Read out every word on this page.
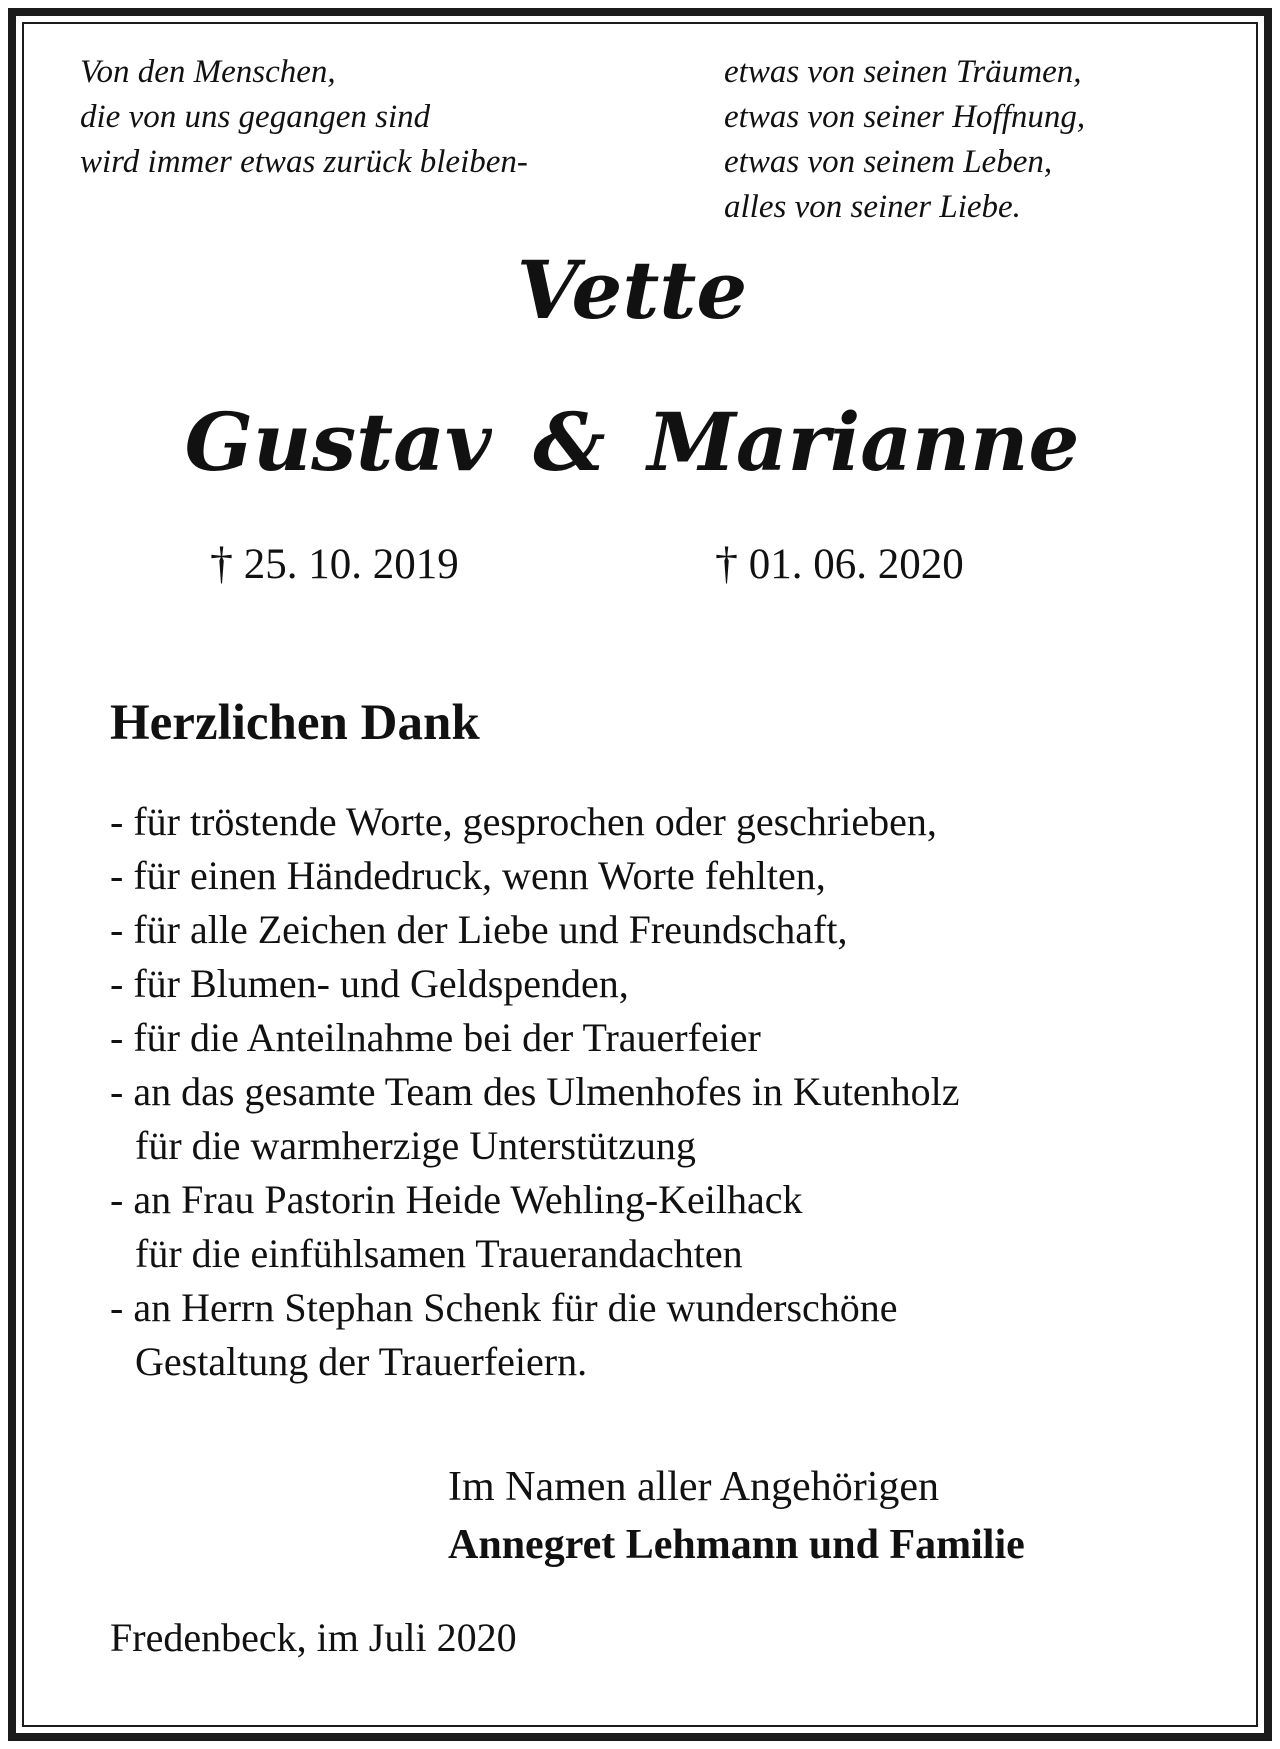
Von den Menschen,
die von uns gegangen sind
wird immer etwas zurück bleiben-
etwas von seinen Träumen,
etwas von seiner Hoffnung,
etwas von seinem Leben,
alles von seiner Liebe.
Vette
Gustav & Marianne
† 25. 10. 2019	† 01. 06. 2020
Herzlichen Dank
- für tröstende Worte, gesprochen oder geschrieben,
- für einen Händedruck, wenn Worte fehlten,
- für alle Zeichen der Liebe und Freundschaft,
- für Blumen- und Geldspenden,
- für die Anteilnahme bei der Trauerfeier
- an das gesamte Team des Ulmenhofes in Kutenholz
für die warmherzige Unterstützung
- an Frau Pastorin Heide Wehling-Keilhack
für die einfühlsamen Trauerandachten
- an Herrn Stephan Schenk für die wunderschöne
Gestaltung der Trauerfeiern.
Im Namen aller Angehörigen
Annegret Lehmann und Familie
Fredenbeck, im Juli 2020
